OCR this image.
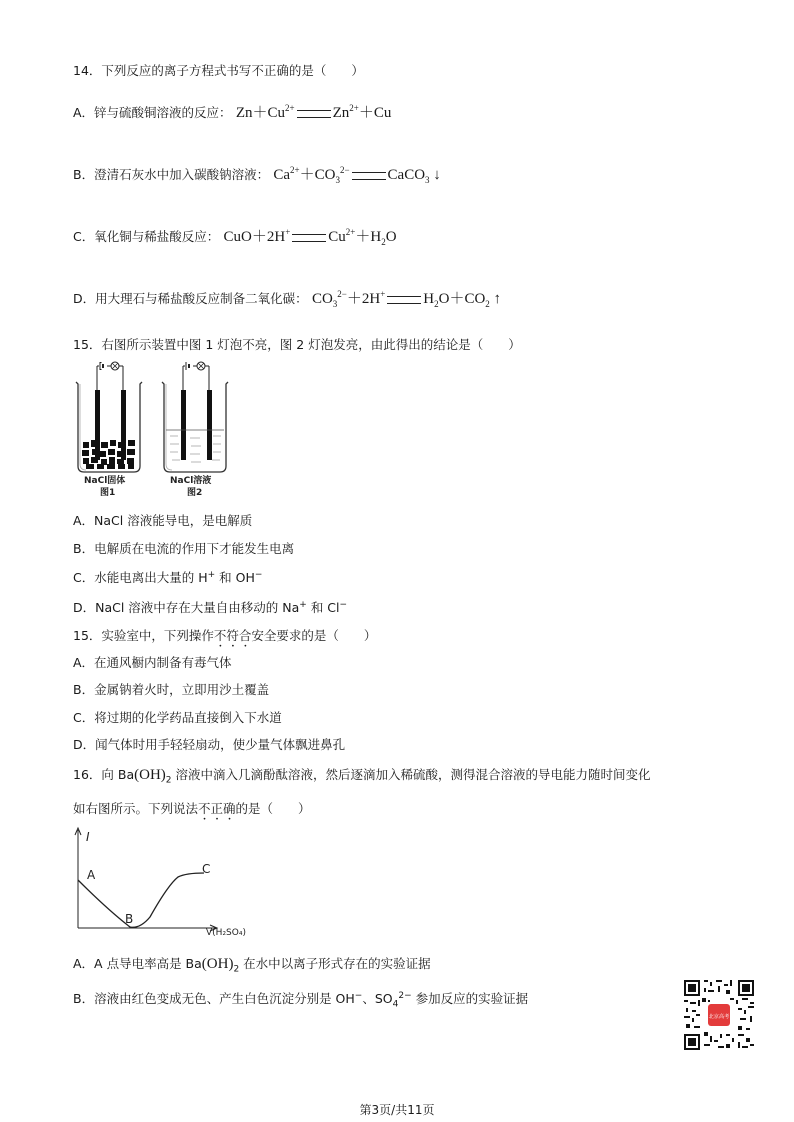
14．下列反应的离子方程式书写不正确的是（　　）
A．锌与硫酸铜溶液的反应： $Zn+Cu^{2+}$	$Zn^{2+}+Cu$
B．澄清石灰水中加入碳酸钠溶液： $Ca^{2+}+CO_3^{2-}$	CaCO$_3$ ↓
C．氧化铜与稀盐酸反应： CuO＋2H+	$Cu^{2+}+H_2O$
D．用大理石与稀盐酸反应制备二氧化碳： $CO_3^{2-}+2H^+$	$H_2O+CO_2$ ↑
15．右图所示装置中图 1 灯泡不亮，图 2 灯泡发亮，由此得出的结论是（　　）
NaCl固体
图1
NaCl溶液
图2
A．NaCl 溶液能导电，是电解质
B．电解质在电流的作用下才能发生电离
C．水能电离出大量的 H+ 和 OH−
D．NaCl 溶液中存在大量自由移动的 Na+ 和 Cl−
15．实验室中，下列操作不符合安全要求的是（　　）
A．在通风橱内制备有毒气体
B．金属钠着火时，立即用沙土覆盖
C．将过期的化学药品直接倒入下水道
D．闻气体时用手轻轻扇动，使少量气体飘进鼻孔
16．向 $Ba(OH)_2$ 溶液中滴入几滴酚酞溶液，然后逐滴加入稀硫酸，测得混合溶液的导电能力随时间变化
如右图所示。下列说法不正确的是（　　）
I
A
B
C
V(H₂SO₄)
A．A 点导电率高是 $Ba(OH)_2$ 在水中以离子形式存在的实验证据
B．溶液由红色变成无色、产生白色沉淀分别是 OH−、$SO_4^{2-}$ 参加反应的实验证据
北京高考
第3页/共11页
